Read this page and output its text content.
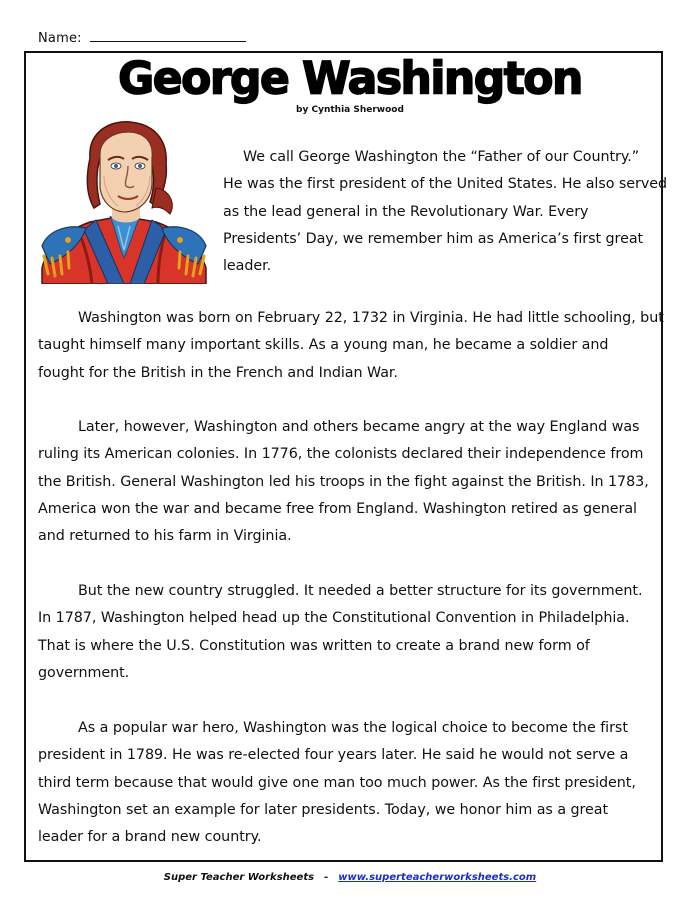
Name:
George Washington
by Cynthia Sherwood

We call George Washington the “Father of our Country.”
He was the first president of the United States. He also served
as the lead general in the Revolutionary War. Every
Presidents’ Day, we remember him as America’s first great
leader.

Washington was born on February 22, 1732 in Virginia. He had little schooling, but
taught himself many important skills. As a young man, he became a soldier and
fought for the British in the French and Indian War.

Later, however, Washington and others became angry at the way England was
ruling its American colonies. In 1776, the colonists declared their independence from
the British. General Washington led his troops in the fight against the British. In 1783,
America won the war and became free from England. Washington retired as general
and returned to his farm in Virginia.

But the new country struggled. It needed a better structure for its government.
In 1787, Washington helped head up the Constitutional Convention in Philadelphia.
That is where the U.S. Constitution was written to create a brand new form of
government.

As a popular war hero, Washington was the logical choice to become the first
president in 1789. He was re-elected four years later. He said he would not serve a
third term because that would give one man too much power. As the first president,
Washington set an example for later presidents. Today, we honor him as a great
leader for a brand new country.

Super Teacher Worksheets - www.superteacherworksheets.com
